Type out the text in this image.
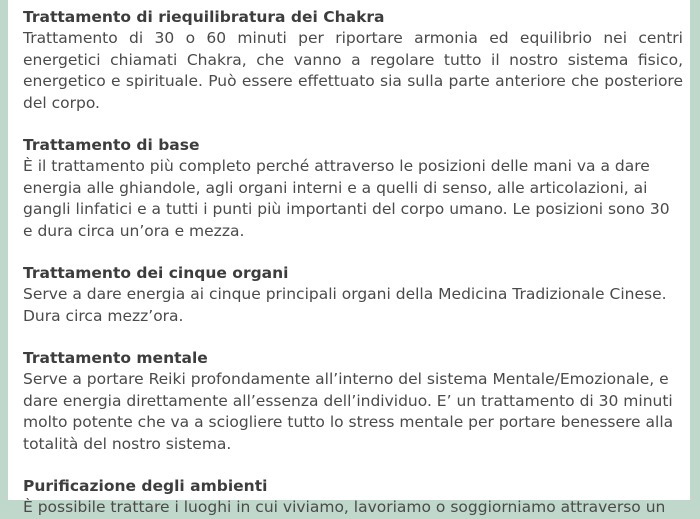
Trattamento di riequilibratura dei Chakra

Trattamento di 30 o 60 minuti per riportare armonia ed equilibrio nei centri energetici chiamati Chakra, che vanno a regolare tutto il nostro sistema fisico, energetico e spirituale. Può essere effettuato sia sulla parte anteriore che posteriore del corpo.

Trattamento di base

È il trattamento più completo perché attraverso le posizioni delle mani va a dare energia alle ghiandole, agli organi interni e a quelli di senso, alle articolazioni, ai gangli linfatici e a tutti i punti più importanti del corpo umano. Le posizioni sono 30 e dura circa un’ora e mezza.

Trattamento dei cinque organi

Serve a dare energia ai cinque principali organi della Medicina Tradizionale Cinese. Dura circa mezz’ora.

Trattamento mentale

Serve a portare Reiki profondamente all’interno del sistema Mentale/Emozionale, e dare energia direttamente all’essenza dell’individuo. E’ un trattamento di 30 minuti molto potente che va a sciogliere tutto lo stress mentale per portare benessere alla totalità del nostro sistema.

Purificazione degli ambienti

È possibile trattare i luoghi in cui viviamo, lavoriamo o soggiorniamo attraverso un
